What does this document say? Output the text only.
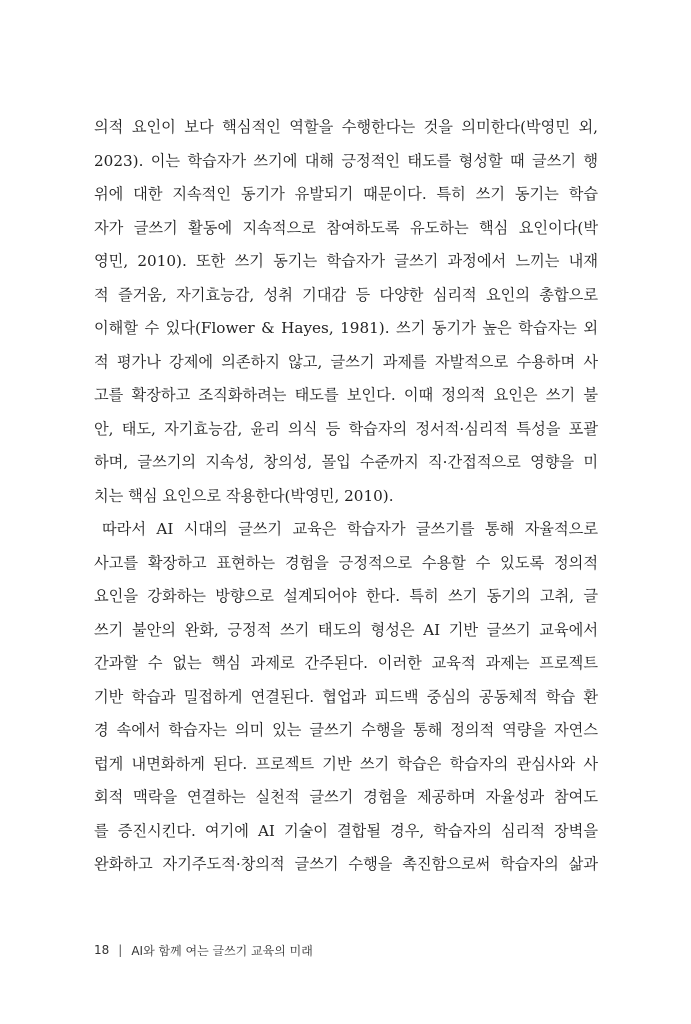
의적 요인이 보다 핵심적인 역할을 수행한다는 것을 의미한다(박영민 외,
2023). 이는 학습자가 쓰기에 대해 긍정적인 태도를 형성할 때 글쓰기 행
위에 대한 지속적인 동기가 유발되기 때문이다. 특히 쓰기 동기는 학습
자가 글쓰기 활동에 지속적으로 참여하도록 유도하는 핵심 요인이다(박
영민, 2010). 또한 쓰기 동기는 학습자가 글쓰기 과정에서 느끼는 내재
적 즐거움, 자기효능감, 성취 기대감 등 다양한 심리적 요인의 총합으로
이해할 수 있다(Flower & Hayes, 1981). 쓰기 동기가 높은 학습자는 외
적 평가나 강제에 의존하지 않고, 글쓰기 과제를 자발적으로 수용하며 사
고를 확장하고 조직화하려는 태도를 보인다. 이때 정의적 요인은 쓰기 불
안, 태도, 자기효능감, 윤리 의식 등 학습자의 정서적·심리적 특성을 포괄
하며, 글쓰기의 지속성, 창의성, 몰입 수준까지 직·간접적으로 영향을 미
치는 핵심 요인으로 작용한다(박영민, 2010).
따라서 AI 시대의 글쓰기 교육은 학습자가 글쓰기를 통해 자율적으로
사고를 확장하고 표현하는 경험을 긍정적으로 수용할 수 있도록 정의적
요인을 강화하는 방향으로 설계되어야 한다. 특히 쓰기 동기의 고취, 글
쓰기 불안의 완화, 긍정적 쓰기 태도의 형성은 AI 기반 글쓰기 교육에서
간과할 수 없는 핵심 과제로 간주된다. 이러한 교육적 과제는 프로젝트
기반 학습과 밀접하게 연결된다. 협업과 피드백 중심의 공동체적 학습 환
경 속에서 학습자는 의미 있는 글쓰기 수행을 통해 정의적 역량을 자연스
럽게 내면화하게 된다. 프로젝트 기반 쓰기 학습은 학습자의 관심사와 사
회적 맥락을 연결하는 실천적 글쓰기 경험을 제공하며 자율성과 참여도
를 증진시킨다. 여기에 AI 기술이 결합될 경우, 학습자의 심리적 장벽을
완화하고 자기주도적·창의적 글쓰기 수행을 촉진함으로써 학습자의 삶과
18 | AI와 함께 여는 글쓰기 교육의 미래
